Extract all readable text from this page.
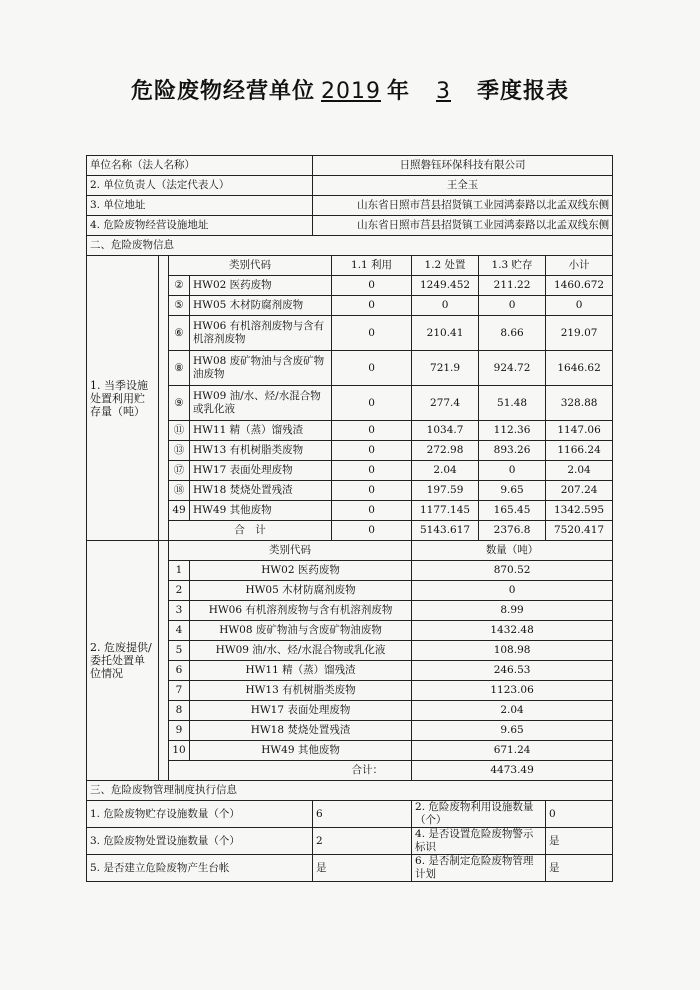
危险废物经营单位 2019 年 3 季度报表
单位名称（法人名称）				日照磐钰环保科技有限公司				
2. 单位负责人（法定代表人）				王全玉				
3. 单位地址				山东省日照市莒县招贤镇工业园鸿泰路以北孟双线东侧				
4. 危险废物经营设施地址				山东省日照市莒县招贤镇工业园鸿泰路以北孟双线东侧				
二、危险废物信息								
1. 当季设施处置利用贮存量（吨）		类别代码			1.1 利用	1.2 处置	1.3 贮存	小计
		②	HW02 医药废物		0	1249.452	211.22	1460.672
		⑤	HW05 木材防腐剂废物		0	0	0	0
		⑥	HW06 有机溶剂废物与含有机溶剂废物		0	210.41	8.66	219.07
		⑧	HW08 废矿物油与含废矿物油废物		0	721.9	924.72	1646.62
		⑨	HW09 油/水、烃/水混合物或乳化液		0	277.4	51.48	328.88
		⑪	HW11 精（蒸）馏残渣		0	1034.7	112.36	1147.06
		⑬	HW13 有机树脂类废物		0	272.98	893.26	1166.24
		⑰	HW17 表面处理废物		0	2.04	0	2.04
		⑱	HW18 焚烧处置残渣		0	197.59	9.65	207.24
		49	HW49 其他废物		0	1177.145	165.45	1342.595
		合　计			0	5143.617	2376.8	7520.417
2. 危废提供/委托处置单位情况		类别代码				数量（吨）		
		1	HW02 医药废物			870.52		
		2	HW05 木材防腐剂废物			0		
		3	HW06 有机溶剂废物与含有机溶剂废物			8.99		
		4	HW08 废矿物油与含废矿物油废物			1432.48		
		5	HW09 油/水、烃/水混合物或乳化液			108.98		
		6	HW11 精（蒸）馏残渣			246.53		
		7	HW13 有机树脂类废物			1123.06		
		8	HW17 表面处理废物			2.04		
		9	HW18 焚烧处置残渣			9.65		
		10	HW49 其他废物			671.24		
		合计：				4473.49		
三、危险废物管理制度执行信息								
1. 危险废物贮存设施数量（个）				6		2. 危险废物利用设施数量（个）		0
3. 危险废物处置设施数量（个）				2		4. 是否设置危险废物警示标识		是
5. 是否建立危险废物产生台帐				是		6. 是否制定危险废物管理计划		是
